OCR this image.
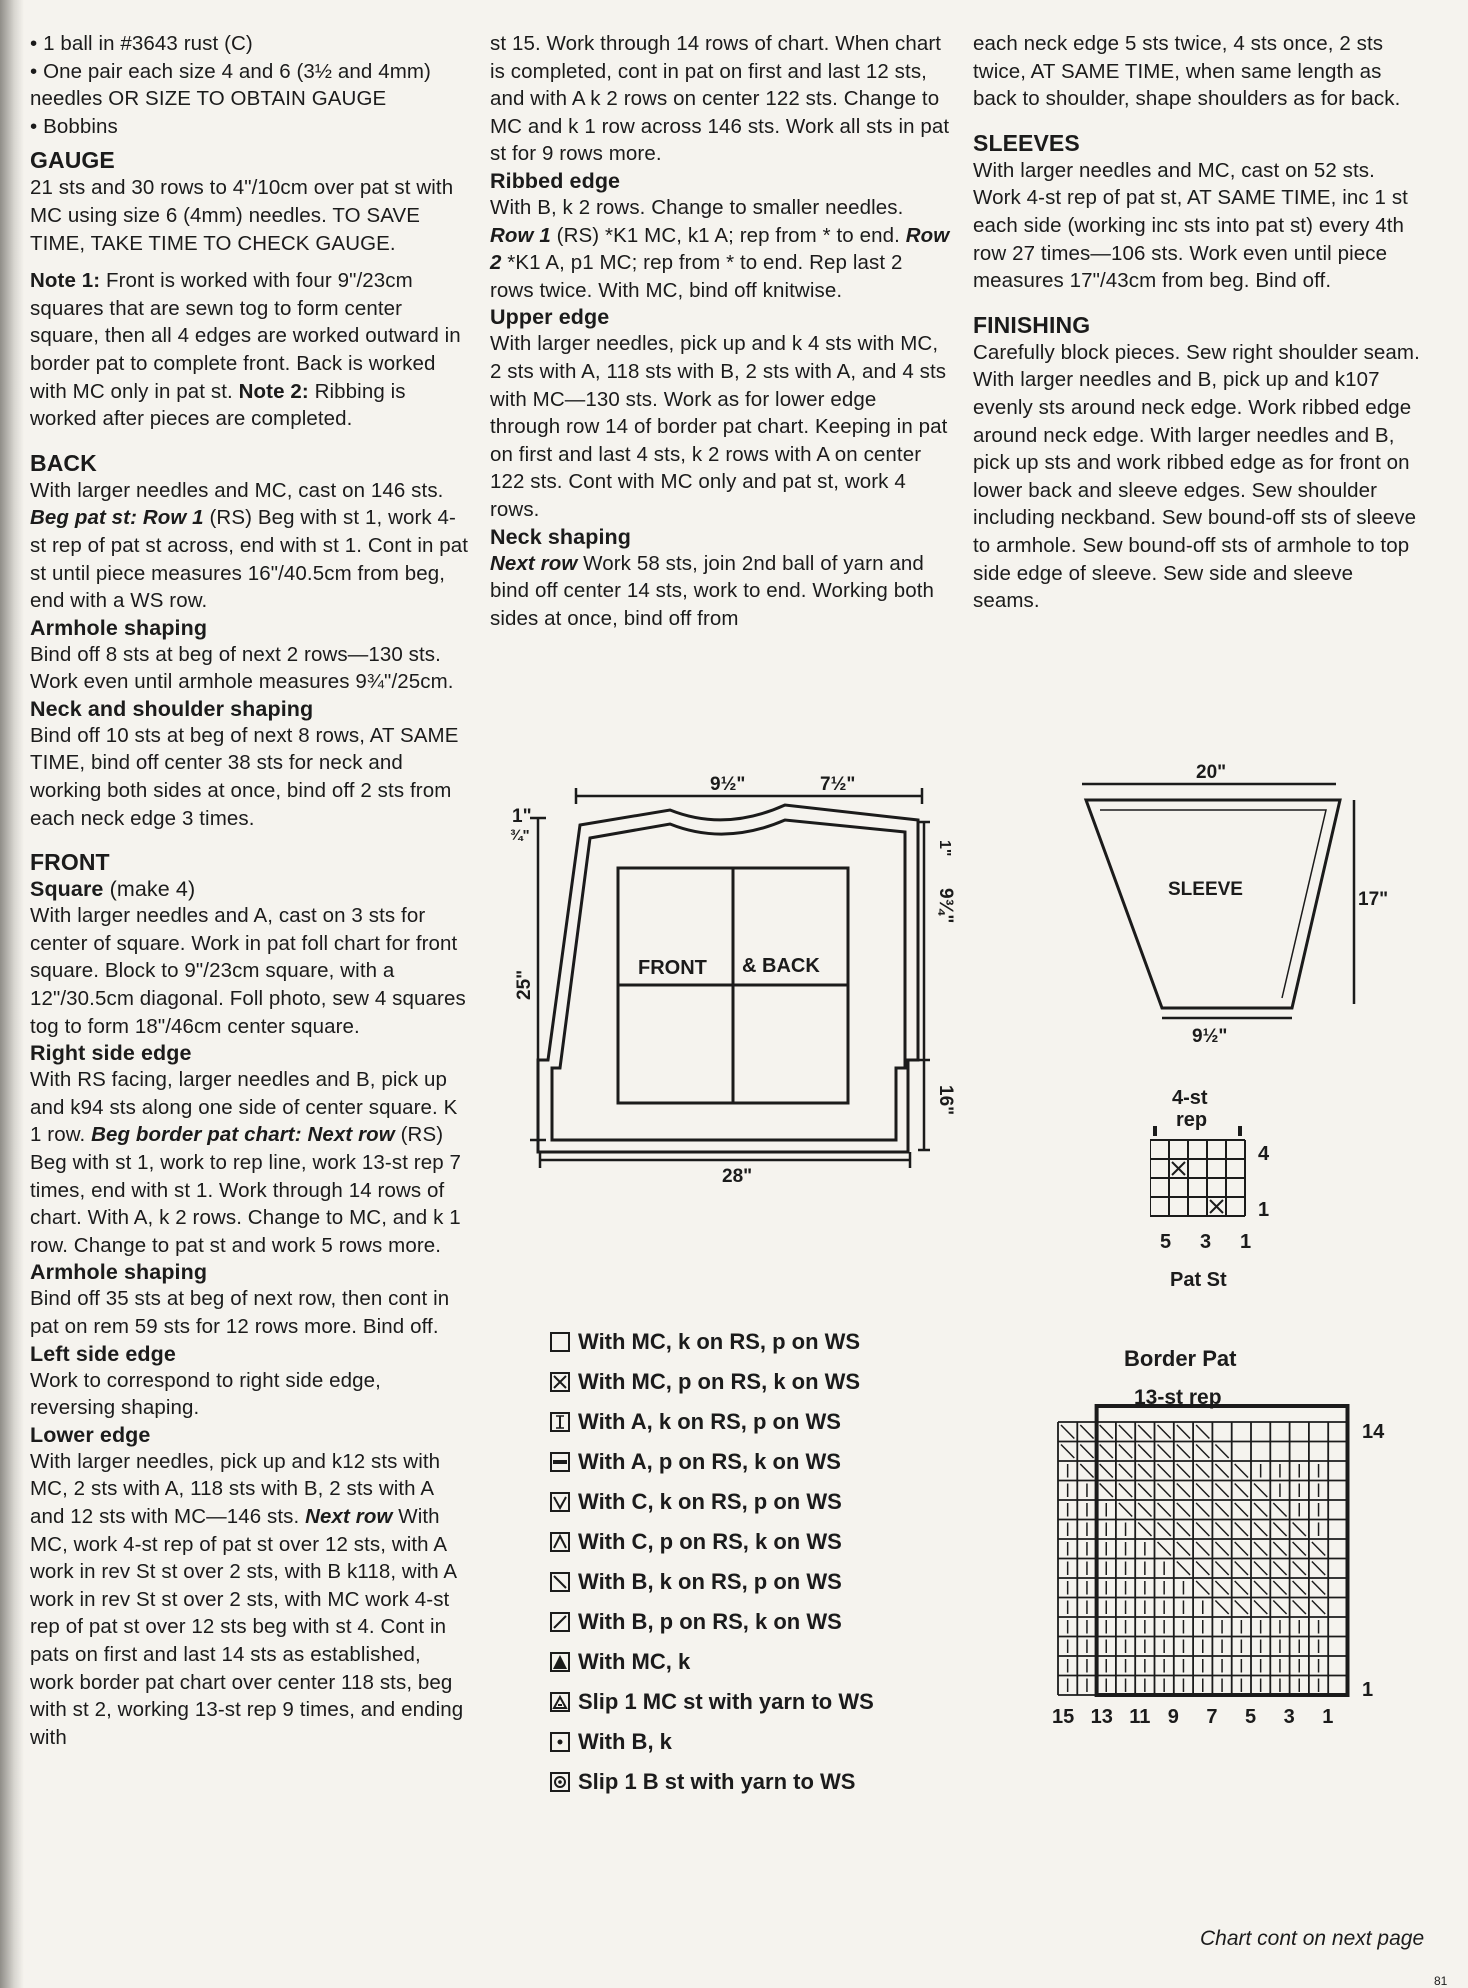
• 1 ball in #3643 rust (C)

• One pair each size 4 and 6 (3½ and 4mm) needles OR SIZE TO OBTAIN GAUGE

• Bobbins

GAUGE

21 sts and 30 rows to 4"/10cm over pat st with MC using size 6 (4mm) needles. TO SAVE TIME, TAKE TIME TO CHECK GAUGE.

Note 1: Front is worked with four 9"/23cm squares that are sewn tog to form center square, then all 4 edges are worked outward in border pat to complete front. Back is worked with MC only in pat st. Note 2: Ribbing is worked after pieces are completed.

BACK

With larger needles and MC, cast on 146 sts. Beg pat st: Row 1 (RS) Beg with st 1, work 4-st rep of pat st across, end with st 1. Cont in pat st until piece measures 16"/40.5cm from beg, end with a WS row.

Armhole shaping

Bind off 8 sts at beg of next 2 rows—130 sts. Work even until armhole measures 9¾"/25cm.

Neck and shoulder shaping

Bind off 10 sts at beg of next 8 rows, AT SAME TIME, bind off center 38 sts for neck and working both sides at once, bind off 2 sts from each neck edge 3 times.

FRONT
Square (make 4)

With larger needles and A, cast on 3 sts for center of square. Work in pat foll chart for front square. Block to 9"/23cm square, with a 12"/30.5cm diagonal. Foll photo, sew 4 squares tog to form 18"/46cm center square.

Right side edge

With RS facing, larger needles and B, pick up and k94 sts along one side of center square. K 1 row. Beg border pat chart: Next row (RS) Beg with st 1, work to rep line, work 13-st rep 7 times, end with st 1. Work through 14 rows of chart. With A, k 2 rows. Change to MC, and k 1 row. Change to pat st and work 5 rows more.

Armhole shaping

Bind off 35 sts at beg of next row, then cont in pat on rem 59 sts for 12 rows more. Bind off.

Left side edge

Work to correspond to right side edge, reversing shaping.

Lower edge

With larger needles, pick up and k12 sts with MC, 2 sts with A, 118 sts with B, 2 sts with A and 12 sts with MC—146 sts. Next row With MC, work 4-st rep of pat st over 12 sts, with A work in rev St st over 2 sts, with B k118, with A work in rev St st over 2 sts, with MC work 4-st rep of pat st over 12 sts beg with st 4. Cont in pats on first and last 14 sts as established, work border pat chart over center 118 sts, beg with st 2, working 13-st rep 9 times, and ending with

st 15. Work through 14 rows of chart. When chart is completed, cont in pat on first and last 12 sts, and with A k 2 rows on center 122 sts. Change to MC and k 1 row across 146 sts. Work all sts in pat st for 9 rows more.

Ribbed edge

With B, k 2 rows. Change to smaller needles. Row 1 (RS) *K1 MC, k1 A; rep from * to end. Row 2 *K1 A, p1 MC; rep from * to end. Rep last 2 rows twice. With MC, bind off knitwise.

Upper edge

With larger needles, pick up and k 4 sts with MC, 2 sts with A, 118 sts with B, 2 sts with A, and 4 sts with MC—130 sts. Work as for lower edge through row 14 of border pat chart. Keeping in pat on first and last 4 sts, k 2 rows with A on center 122 sts. Cont with MC only and pat st, work 4 rows.

Neck shaping

Next row Work 58 sts, join 2nd ball of yarn and bind off center 14 sts, work to end. Working both sides at once, bind off from

each neck edge 5 sts twice, 4 sts once, 2 sts twice, AT SAME TIME, when same length as back to shoulder, shape shoulders as for back.

SLEEVES

With larger needles and MC, cast on 52 sts. Work 4-st rep of pat st, AT SAME TIME, inc 1 st each side (working inc sts into pat st) every 4th row 27 times—106 sts. Work even until piece measures 17"/43cm from beg. Bind off.

FINISHING

Carefully block pieces. Sew right shoulder seam. With larger needles and B, pick up and k107 evenly sts around neck edge. Work ribbed edge around neck edge. With larger needles and B, pick up sts and work ribbed edge as for front on lower back and sleeve edges. Sew shoulder including neckband. Sew bound-off sts of sleeve to armhole. Sew bound-off sts of armhole to top side edge of sleeve. Sew side and sleeve seams.

9½"	7½"
1"
¾"
1"
9¾"
25"
16"
28"
FRONT & BACK
20"
SLEEVE	17"
9½"
4-st
rep
4
1
5 3 1
Pat St
Border Pat
13-st rep
14
1
15 13 11 9 7 5 3 1
With MC, k on RS, p on WS
With MC, p on RS, k on WS
With A, k on RS, p on WS
With A, p on RS, k on WS
With C, k on RS, p on WS
With C, p on RS, k on WS
With B, k on RS, p on WS
With B, p on RS, k on WS
With MC, k
Slip 1 MC st with yarn to WS
With B, k
Slip 1 B st with yarn to WS
Chart cont on next page
81
